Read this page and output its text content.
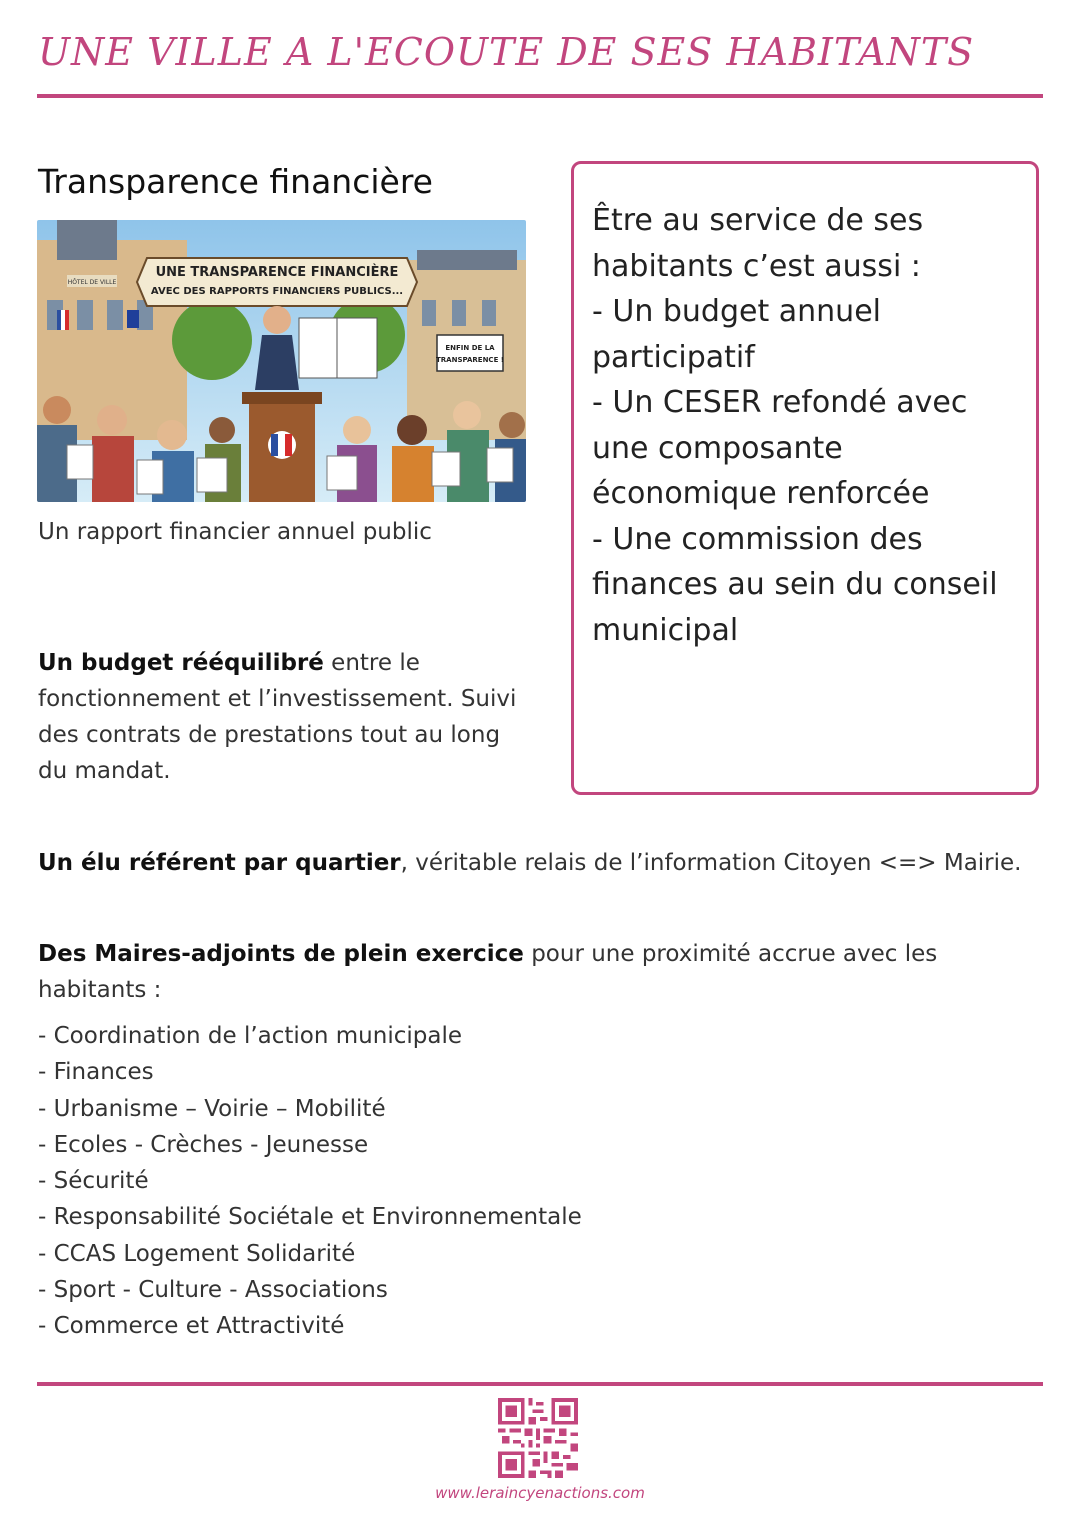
UNE VILLE A L'ECOUTE DE SES HABITANTS
Transparence financière
HÔTEL DE VILLE
UNE TRANSPARENCE FINANCIÈRE
AVEC DES RAPPORTS FINANCIERS PUBLICS...
ENFIN DE LA
TRANSPARENCE !
Un rapport financier annuel public
Un budget rééquilibré entre le fonctionnement et l’investissement. Suivi des contrats de prestations tout au long du mandat.
Être au service de ses
habitants c’est aussi :
- Un budget annuel
participatif
- Un CESER refondé avec
une composante
économique renforcée
- Une commission des
finances au sein du conseil
municipal
Un élu référent par quartier, véritable relais de l’information Citoyen <=> Mairie.
Des Maires-adjoints de plein exercice pour une proximité accrue avec les habitants :
- Coordination de l’action municipale
- Finances
- Urbanisme – Voirie – Mobilité
- Ecoles - Crèches - Jeunesse
- Sécurité
- Responsabilité Sociétale et Environnementale
- CCAS Logement Solidarité
- Sport - Culture - Associations
- Commerce et Attractivité
www.leraincyenactions.com
